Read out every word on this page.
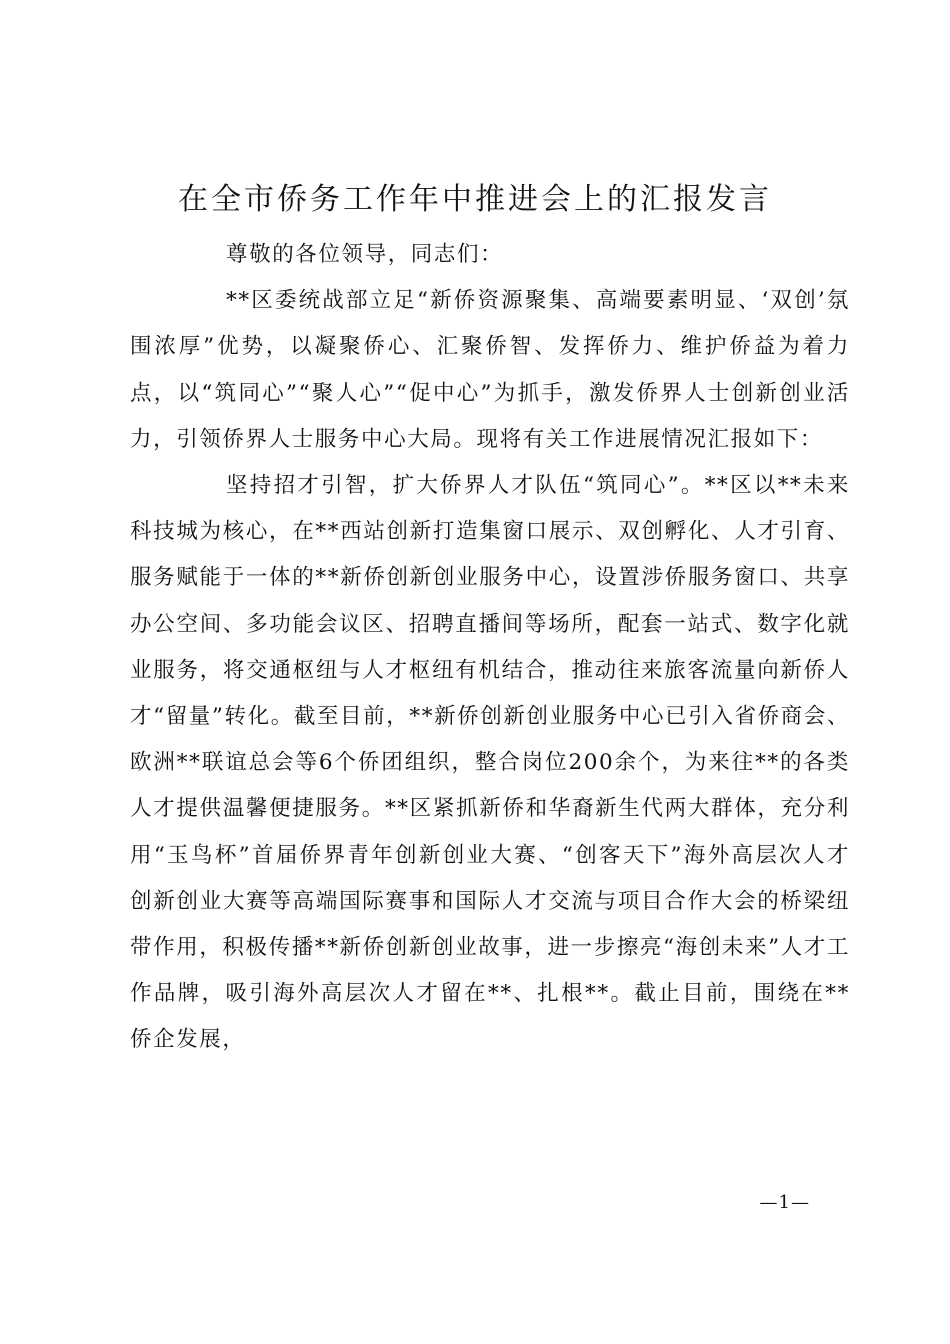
在全市侨务工作年中推进会上的汇报发言

尊敬的各位领导，同志们：

**区委统战部立足“新侨资源聚集、高端要素明显、‘双创’氛围浓厚”优势，以凝聚侨心、汇聚侨智、发挥侨力、维护侨益为着力点，以“筑同心”“聚人心”“促中心”为抓手，激发侨界人士创新创业活力，引领侨界人士服务中心大局。现将有关工作进展情况汇报如下：

坚持招才引智，扩大侨界人才队伍“筑同心”。**区以**未来科技城为核心，在**西站创新打造集窗口展示、双创孵化、人才引育、服务赋能于一体的**新侨创新创业服务中心，设置涉侨服务窗口、共享办公空间、多功能会议区、招聘直播间等场所，配套一站式、数字化就业服务，将交通枢纽与人才枢纽有机结合，推动往来旅客流量向新侨人才“留量”转化。截至目前，**新侨创新创业服务中心已引入省侨商会、欧洲**联谊总会等6个侨团组织，整合岗位200余个，为来往**的各类人才提供温馨便捷服务。**区紧抓新侨和华裔新生代两大群体，充分利用“玉鸟杯”首届侨界青年创新创业大赛、“创客天下”海外高层次人才创新创业大赛等高端国际赛事和国际人才交流与项目合作大会的桥梁纽带作用，积极传播**新侨创新创业故事，进一步擦亮“海创未来”人才工作品牌，吸引海外高层次人才留在**、扎根**。截止目前，围绕在**侨企发展，

—1—
